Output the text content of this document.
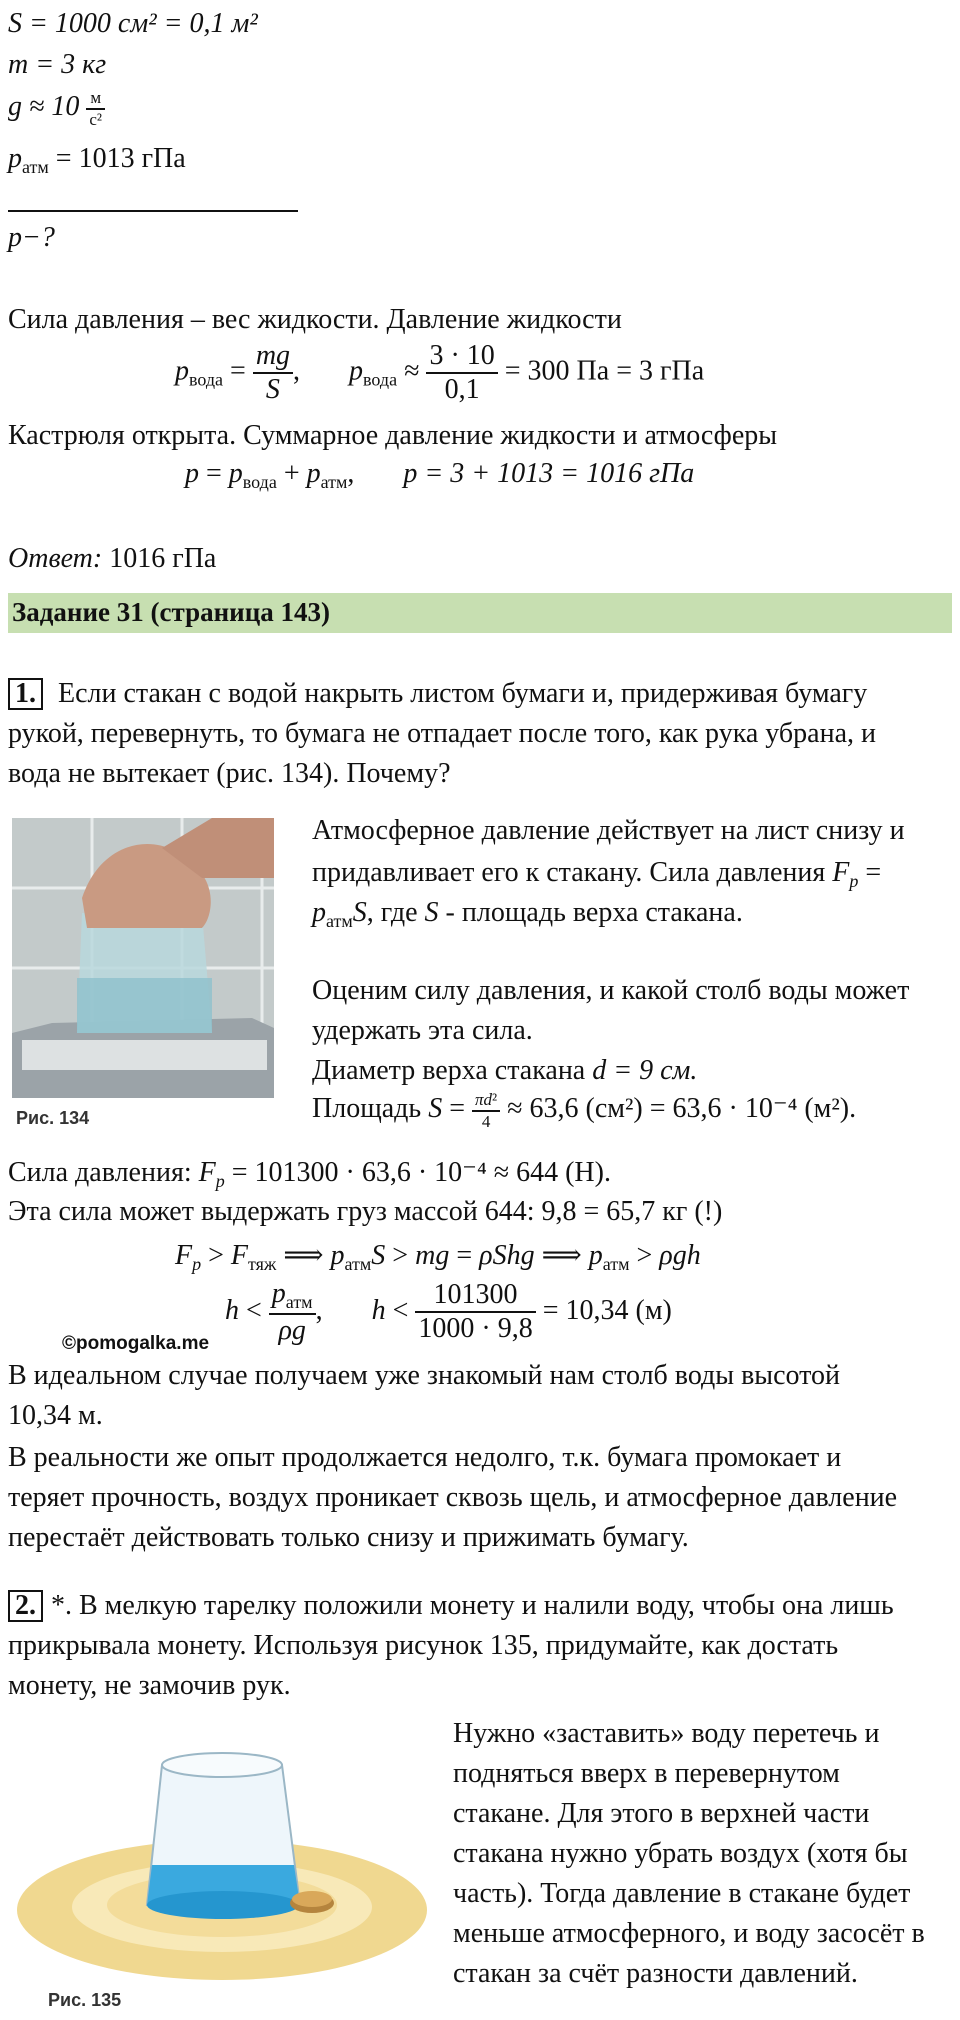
S = 1000 см² = 0,1 м²
m = 3 кг
$g \approx 10 \frac{м}{\text{с²}}$
$p_{атм} = 1013$ гПа
p−?
Сила давления – вес жидкости. Давление жидкости
$p_{вода} = \frac{mg}{S}$ ,       $p_{вода} \approx \frac{3 \cdot 10}{0,1} = 300$ Па = 3 гПа
Кастрюля открыта. Суммарное давление жидкости и атмосферы
$p = p_{вода} + p_{атм}$,       p = 3 + 1013 = 1016 гПа
Ответ: 1016 гПа
Задание 31 (страница 143)
1. Если стакан с водой накрыть листом бумаги и, придерживая бумагу
рукой, перевернуть, то бумага не отпадает после того, как рука убрана, и
вода не вытекает (рис. 134). Почему?
Рис. 134
Атмосферное давление действует на лист снизу и
придавливает его к стакану. Сила давления $F_p$ =
$p_{атм}S$, где S - площадь верха стакана.
Оценим силу давления, и какой столб воды может
удержать эта сила.
Диаметр верха стакана d = 9 см.
Площадь $S = \frac{\text{πd²}}{4} \approx 63,6$ (см²) = 63,6 · 10⁻⁴ (м²).
Сила давления: $F_p = 101300 \cdot 63,6 \cdot 10^{-4} \approx 644$ (Н).
Эта сила может выдержать груз массой 644: 9,8 = 65,7 кг (!)
$F_p > F_{тяж}$ ⟹ $p_{атм}S$ > mg = ρShg ⟹ $p_{атм} > \rho gh$
$h < \frac{p_{атм}}{\rho g}$ ,       $h < \frac{101300}{1000 \cdot 9,8} = 10,34$ (м)
©pomogalka.me
В идеальном случае получаем уже знакомый нам столб воды высотой
10,34 м.
В реальности же опыт продолжается недолго, т.к. бумага промокает и
теряет прочность, воздух проникает сквозь щель, и атмосферное давление
перестаёт действовать только снизу и прижимать бумагу.
2. *. В мелкую тарелку положили монету и налили воду, чтобы она лишь
прикрывала монету. Используя рисунок 135, придумайте, как достать
монету, не замочив рук.
Рис. 135
Нужно «заставить» воду перетечь и
подняться вверх в перевернутом
стакане. Для этого в верхней части
стакана нужно убрать воздух (хотя бы
часть). Тогда давление в стакане будет
меньше атмосферного, и воду засосёт в
стакан за счёт разности давлений.
